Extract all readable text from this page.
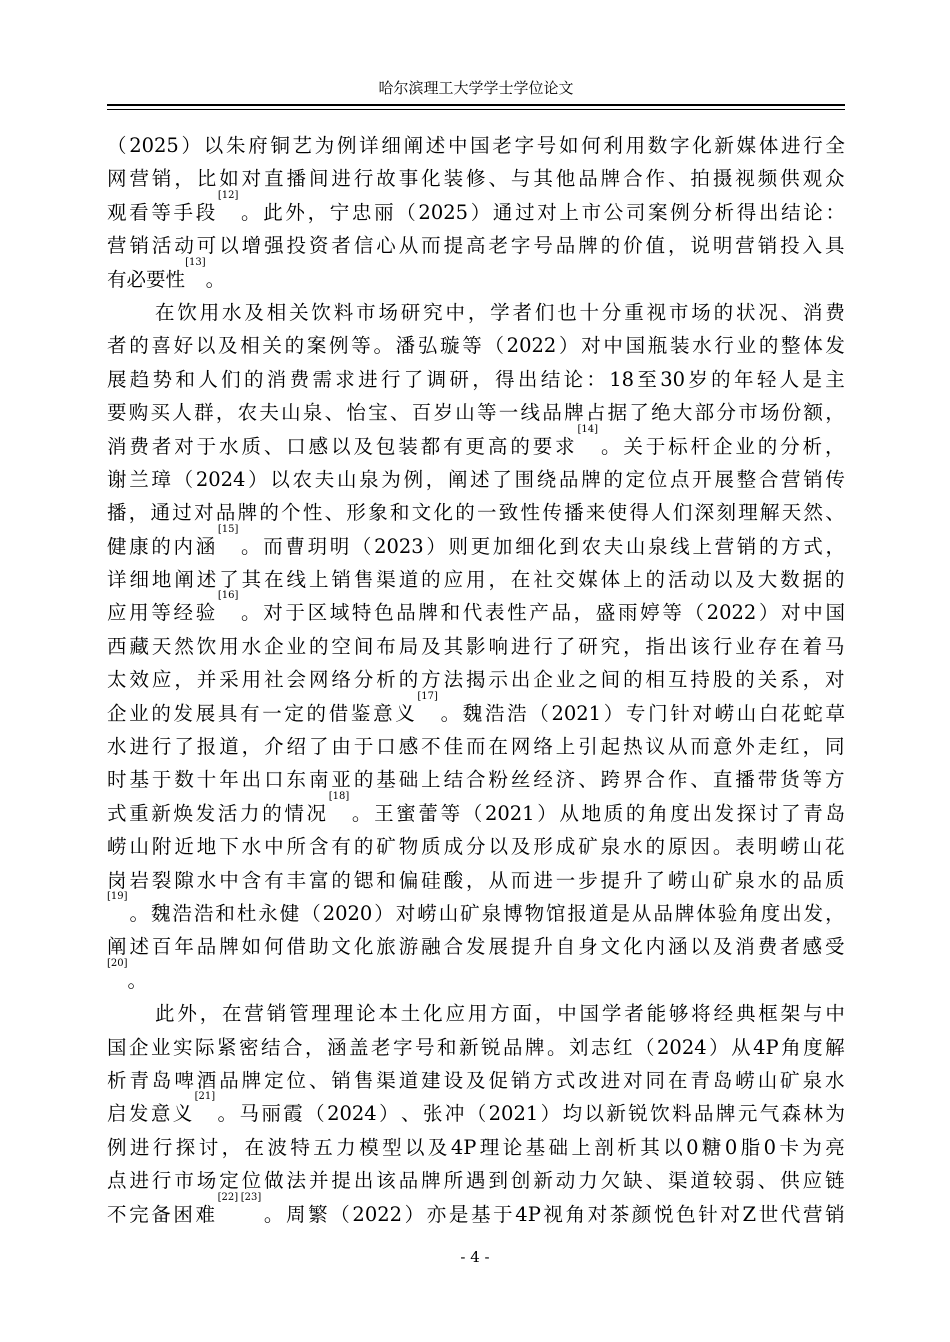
哈尔滨理工大学学士学位论文
（ 2025 ） 以 朱 府 铜 艺 为 例 详 细 阐 述 中 国 老 字 号 如 何 利 用 数 字 化 新 媒 体 进 行 全
网 营 销 ， 比 如 对 直 播 间 进 行 故 事 化 装 修 、 与 其 他 品 牌 合 作 、 拍 摄 视 频 供 观 众
观 看 等 手 段
[12]
。 此 外 ， 宁 忠 丽 （ 2025 ） 通 过 对 上 市 公 司 案 例 分 析 得 出 结 论 ：
营 销 活 动 可 以 增 强 投 资 者 信 心 从 而 提 高 老 字 号 品 牌 的 价 值 ， 说 明 营 销 投 入 具
有 必 要 性
[13]
。
在 饮 用 水 及 相 关 饮 料 市 场 研 究 中 ， 学 者 们 也 十 分 重 视 市 场 的 状 况 、 消 费
者 的 喜 好 以 及 相 关 的 案 例 等 。 潘 弘 璇 等 （ 2022 ） 对 中 国 瓶 装 水 行 业 的 整 体 发
展 趋 势 和 人 们 的 消 费 需 求 进 行 了 调 研 ， 得 出 结 论 ： 18 至 30 岁 的 年 轻 人 是 主
要 购 买 人 群 ， 农 夫 山 泉 、 怡 宝 、 百 岁 山 等 一 线 品 牌 占 据 了 绝 大 部 分 市 场 份 额 ，
消 费 者 对 于 水 质 、 口 感 以 及 包 装 都 有 更 高 的 要 求
[14]
。 关 于 标 杆 企 业 的 分 析 ，
谢 兰 璋 （ 2024 ） 以 农 夫 山 泉 为 例 ， 阐 述 了 围 绕 品 牌 的 定 位 点 开 展 整 合 营 销 传
播 ， 通 过 对 品 牌 的 个 性 、 形 象 和 文 化 的 一 致 性 传 播 来 使 得 人 们 深 刻 理 解 天 然 、
健 康 的 内 涵
[15]
。 而 曹 玥 明 （ 2023 ） 则 更 加 细 化 到 农 夫 山 泉 线 上 营 销 的 方 式 ，
详 细 地 阐 述 了 其 在 线 上 销 售 渠 道 的 应 用 ， 在 社 交 媒 体 上 的 活 动 以 及 大 数 据 的
应 用 等 经 验
[16]
。 对 于 区 域 特 色 品 牌 和 代 表 性 产 品 ， 盛 雨 婷 等 （ 2022 ） 对 中 国
西 藏 天 然 饮 用 水 企 业 的 空 间 布 局 及 其 影 响 进 行 了 研 究 ， 指 出 该 行 业 存 在 着 马
太 效 应 ， 并 采 用 社 会 网 络 分 析 的 方 法 揭 示 出 企 业 之 间 的 相 互 持 股 的 关 系 ， 对
企 业 的 发 展 具 有 一 定 的 借 鉴 意 义
[17]
。 魏 浩 浩 （ 2021 ） 专 门 针 对 崂 山 白 花 蛇 草
水 进 行 了 报 道 ， 介 绍 了 由 于 口 感 不 佳 而 在 网 络 上 引 起 热 议 从 而 意 外 走 红 ， 同
时 基 于 数 十 年 出 口 东 南 亚 的 基 础 上 结 合 粉 丝 经 济 、 跨 界 合 作 、 直 播 带 货 等 方
式 重 新 焕 发 活 力 的 情 况
[18]
。 王 蜜 蕾 等 （ 2021 ） 从 地 质 的 角 度 出 发 探 讨 了 青 岛
崂 山 附 近 地 下 水 中 所 含 有 的 矿 物 质 成 分 以 及 形 成 矿 泉 水 的 原 因 。 表 明 崂 山 花
岗 岩 裂 隙 水 中 含 有 丰 富 的 锶 和 偏 硅 酸 ， 从 而 进 一 步 提 升 了 崂 山 矿 泉 水 的 品 质
[19]
。 魏 浩 浩 和 杜 永 健 （ 2020 ） 对 崂 山 矿 泉 博 物 馆 报 道 是 从 品 牌 体 验 角 度 出 发 ，
阐 述 百 年 品 牌 如 何 借 助 文 化 旅 游 融 合 发 展 提 升 自 身 文 化 内 涵 以 及 消 费 者 感 受
[20]
。
此 外 ， 在 营 销 管 理 理 论 本 土 化 应 用 方 面 ， 中 国 学 者 能 够 将 经 典 框 架 与 中
国 企 业 实 际 紧 密 结 合 ， 涵 盖 老 字 号 和 新 锐 品 牌 。 刘 志 红 （ 2024 ） 从 4P 角 度 解
析 青 岛 啤 酒 品 牌 定 位 、 销 售 渠 道 建 设 及 促 销 方 式 改 进 对 同 在 青 岛 崂 山 矿 泉 水
启 发 意 义
[21]
。 马 丽 霞 （ 2024 ） 、 张 冲 （ 2021 ） 均 以 新 锐 饮 料 品 牌 元 气 森 林 为
例 进 行 探 讨 ， 在 波 特 五 力 模 型 以 及 4P 理 论 基 础 上 剖 析 其 以 0 糖 0 脂 0 卡 为 亮
点 进 行 市 场 定 位 做 法 并 提 出 该 品 牌 所 遇 到 创 新 动 力 欠 缺 、 渠 道 较 弱 、 供 应 链
不 完 备 困 难
[22] [23]
。 周 繁 （ 2022 ） 亦 是 基 于 4P 视 角 对 茶 颜 悦 色 针 对 Z 世 代 营 销
- 4 -
